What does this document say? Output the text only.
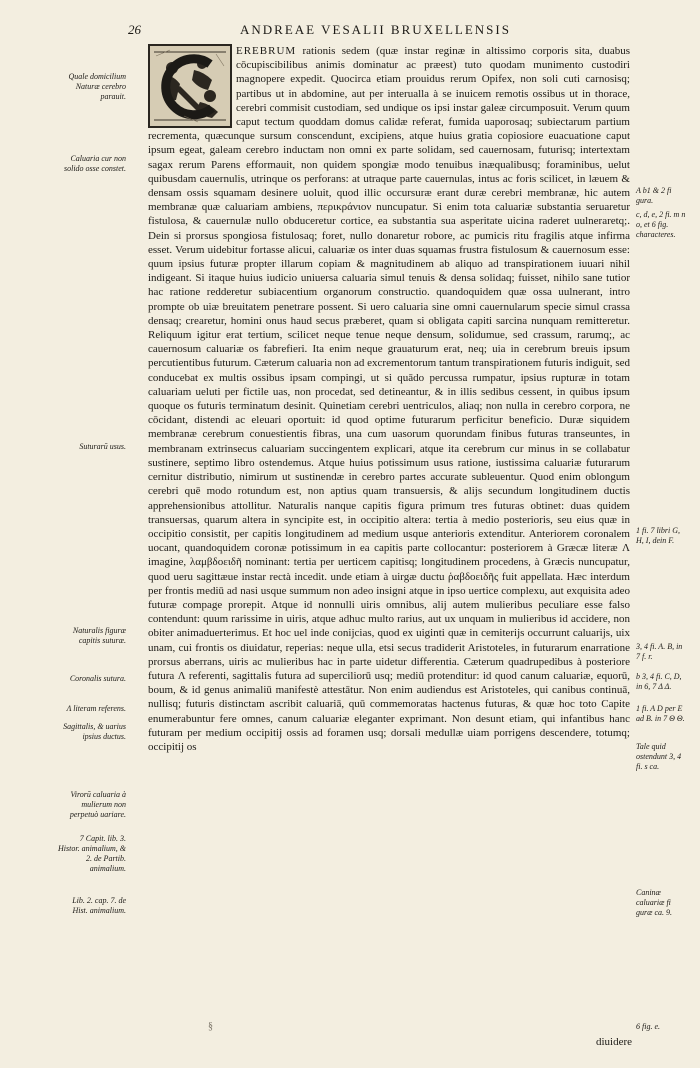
26	ANDREAE VESALII BRUXELLENSIS

EREBRUM rationis sedem (quæ instar reginæ in altissimo corporis sita, duabus cōcupiscibilibus animis dominatur ac præest) tuto quodam munimento custodiri magnopere expedit. Quocirca etiam prouidus rerum Opifex, non soli cuti carnosisq; partibus ut in abdomine, aut per interualla à se inuicem remotis ossibus ut in thorace, cerebri commisit custodiam, sed undique os ipsi instar galeæ circumposuit. Verum quum caput tectum quoddam domus calidæ referat, fumida uaporosaq; subiectarum partium recrementa, quæcunque sursum conscendunt, excipiens, atque huius gratia copiosiore euacuatione caput ipsum egeat, galeam cerebro inductam non omni ex parte solidam, sed cauernosam, futurisq; intertextam sagax rerum Parens efformauit, non quidem spongiæ modo tenuibus inæqualibusq; foraminibus, uelut quibusdam cauernulis, utrinque os perforans: at utraque parte cauernulas, intus ac foris scilicet, in læuem & densam ossis squamam desinere uoluit, quod illic occursuræ erant duræ cerebri membranæ, hic autem membranæ quæ caluariam ambiens, περικράνιον nuncupatur. Si enim tota caluariæ substantia seruaretur fistulosa, & cauernulæ nullo obduceretur cortice, ea substantia sua asperitate uicina raderet uulneraretq;. Dein si prorsus spongiosa fistulosaq; foret, nullo donaretur robore, ac pumicis ritu fragilis atque infirma esset. Verum uidebitur fortasse alicui, caluariæ os inter duas squamas frustra fistulosum & cauernosum esse: quum ipsius futuræ propter illarum copiam & magnitudinem ab aliquo ad transpirationem iuuari nihil indigeant. Si itaque huius iudicio uniuersa caluaria simul tenuis & densa solidaq; fuisset, nihilo sane tutior hac ratione redderetur subiacentium organorum constructio. quandoquidem quæ ossa uulnerant, intro prompte ob uiæ breuitatem penetrare possent. Si uero caluaria sine omni cauernularum specie simul crassa densaq; crearetur, homini onus haud secus præberet, quam si obligata capiti sarcina nunquam remitteretur. Reliquum igitur erat tertium, scilicet neque tenue neque densum, solidumue, sed crassum, rarumq;, ac cauernosum caluariæ os fabrefieri. Ita enim neque grauaturum erat, neq; uia in cerebrum breuis ipsum percutientibus futurum. Cæterum caluaria non ad excrementorum tantum transpirationem futuris indiguit, sed conducebat ex multis ossibus ipsam compingi, ut si quādo percussa rumpatur, ipsius rupturæ in totam caluariam ueluti per fictile uas, non procedat, sed detineantur, & in illis sedibus cessent, in quibus ipsum quoque os futuris terminatum desinit. Quinetiam cerebri uentriculos, aliaq; non nulla in cerebro corpora, ne cōcidant, distendi ac eleuari oportuit: id quod optime futurarum perficitur beneficio. Duræ siquidem membranæ cerebrum conuestientis fibras, una cum uasorum quorundam finibus futuras transeuntes, in membranam extrinsecus caluariam succingentem explicari, atque ita cerebrum cur minus in se collabatur sustinere, septimo libro ostendemus. Atque huius potissimum usus ratione, iustissima caluariæ futurarum cernitur distributio, nimirum ut sustinendæ in cerebro partes accurate subleuentur. Quod enim oblongum cerebri quē modo rotundum est, non aptius quam transuersis, & alijs secundum longitudinem ductis apprehensionibus attollitur. Naturalis nanque capitis figura primum tres futuras obtinet: duas quidem transuersas, quarum altera in syncipite est, in occipitio altera: tertia à medio posterioris, seu eius quæ in occipitio consistit, per capitis longitudinem ad medium usque anterioris extenditur. Anteriorem coronalem uocant, quandoquidem coronæ potissimum in ea capitis parte collocantur: posteriorem à Græcæ literæ Λ imagine, λαμβδοειδῆ nominant: tertia per uerticem capitisq; longitudinem procedens, à Græcis nuncupatur, quod ueru sagittæue instar rectà incedit. unde etiam à uirgæ ductu ῥαβδοειδῆς fuit appellata. Hæc interdum per frontis mediū ad nasi usque summum non adeo insigni atque in ipso uertice complexu, aut exquisita adeo futuræ compage prorepit. Atque id nonnulli uiris omnibus, alij autem mulieribus peculiare esse falso contendunt: quum rarissime in uiris, atque adhuc multo rarius, aut ux unquam in mulieribus id accidere, non obiter animaduerterimus. Et hoc uel inde conijcias, quod ex uiginti quæ in cemiterijs occurrunt caluarijs, uix unam, cui frontis os diuidatur, reperias: neque ulla, etsi secus tradiderit Aristoteles, in futurarum enarratione prorsus aberrans, uiris ac mulieribus hac in parte uidetur differentia. Cæterum quadrupedibus à posteriore futura Λ referenti, sagittalis futura ad superciliorū usq; mediū protenditur: id quod canum caluariæ, equorū, boum, & id genus animaliū manifestè attestātur. Non enim audiendus est Aristoteles, qui canibus continuā, nullisq; futuris distinctam ascribit caluariā, quū commemoratas hactenus futuras, & quæ hoc toto Capite enumerabuntur fere omnes, canum caluariæ eleganter exprimant. Non desunt etiam, qui infantibus hanc futuram per medium occipitij ossis ad foramen usq; dorsali medullæ uiam porrigens descendere, totumq; occipitij os

Quale domicilium Naturæ cerebro parauit.
Caluaria cur non solido osse constet.
Suturarū usus.
Naturalis figuræ capitis suturæ.
Coronalis sutura.
Λ literam referens.
Sagittalis, & uarius ipsius ductus.
Virorū caluaria à mulierum non perpetuò uariare.
7 Capit. lib. 3. Histor. animalium, & 2. de Partib. animalium.
Lib. 2. cap. 7. de Hist. animalium.
A b1 & 2 fi gura.
c, d, e, 2 fi. m n o, et 6 fig. characteres.
1 fi. 7 libri G, H, I, dein F.
3, 4 fi. A. B, in 7 f. r.
b 3, 4 fi. C, D, in 6, 7 Δ Δ.
1 fi. A D per E ad B. in 7 Θ Θ.
Tale quid ostendunt 3, 4 fi. s ca.
Caninæ caluariæ fi guræ ca. 9.
6 fig. e.
§
diuidere
